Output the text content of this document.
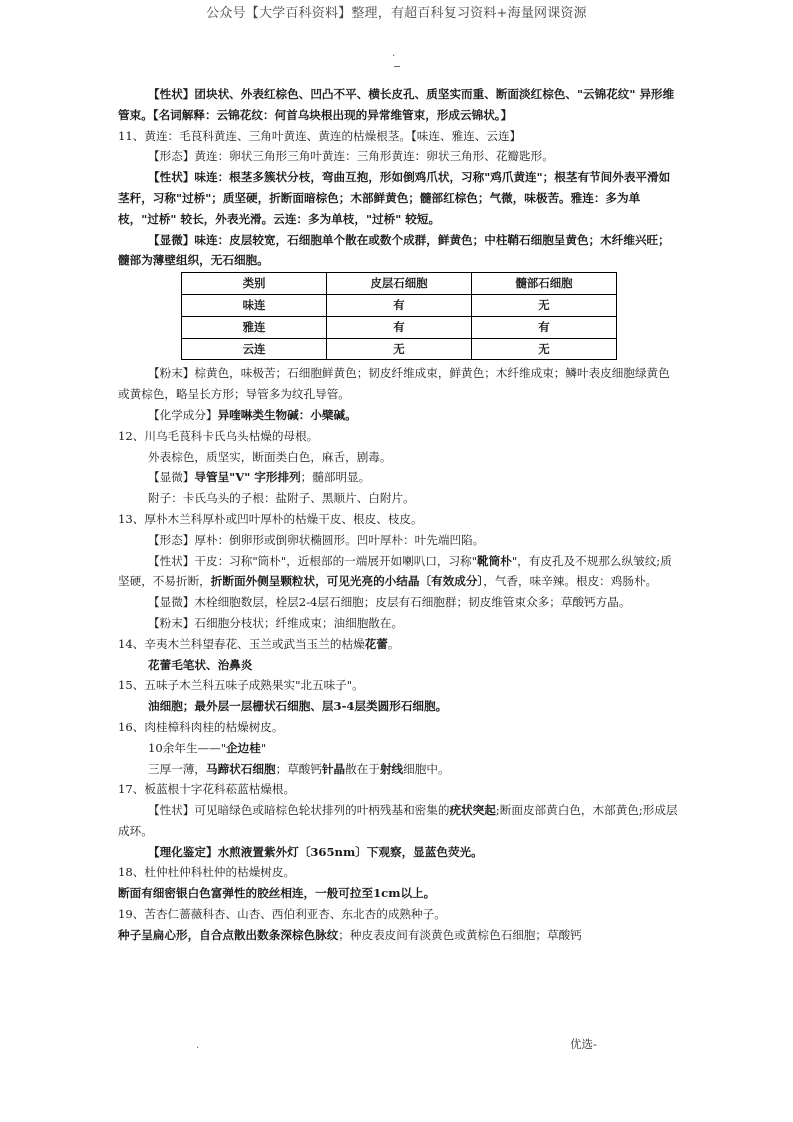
公众号【大学百科资料】整理，有超百科复习资料+海量网课资源
.

【性状】团块状、外表红棕色、凹凸不平、横长皮孔、质坚实而重、断面淡红棕色、"云锦花纹" 异形维管束。【名词解释：云锦花纹：何首乌块根出现的异常维管束，形成云锦状。】

11、黄连：毛茛科黄连、三角叶黄连、黄连的枯燥根茎。【味连、雅连、云连】

【形态】黄连：卵状三角形三角叶黄连：三角形黄连：卵状三角形、花瓣匙形。

【性状】味连：根茎多簇状分枝，弯曲互抱，形如倒鸡爪状，习称"鸡爪黄连"；根茎有节间外表平滑如茎秆，习称"过桥"；质坚硬，折断面暗棕色；木部鲜黄色；髓部红棕色；气微，味极苦。雅连：多为单枝，"过桥" 较长，外表光滑。云连：多为单枝，"过桥" 较短。

【显微】味连：皮层较宽，石细胞单个散在或数个成群，鲜黄色；中柱鞘石细胞呈黄色；木纤维兴旺；髓部为薄壁组织，无石细胞。

类别	皮层石细胞	髓部石细胞
味连	有	无
雅连	有	有
云连	无	无

【粉末】棕黄色，味极苦；石细胞鲜黄色；韧皮纤维成束，鲜黄色；木纤维成束；鳞叶表皮细胞绿黄色或黄棕色，略呈长方形；导管多为纹孔导管。

【化学成分】异喹啉类生物碱：小檗碱。

12、川乌毛茛科卡氏乌头枯燥的母根。

外表棕色，质坚实，断面类白色，麻舌，剧毒。

【显微】导管呈"V" 字形排列；髓部明显。

附子：卡氏乌头的子根：盐附子、黑顺片、白附片。

13、厚朴木兰科厚朴或凹叶厚朴的枯燥干皮、根皮、枝皮。

【形态】厚朴：倒卵形或倒卵状椭圆形。凹叶厚朴：叶先端凹陷。

【性状】干皮：习称"筒朴"，近根部的一端展开如喇叭口，习称"靴筒朴"，有皮孔及不规那么纵皱纹;质坚硬，不易折断，折断面外侧呈颗粒状，可见光亮的小结晶〔有效成分〕，气香，味辛辣。根皮：鸡肠朴。

【显微】木栓细胞数层，栓层2-4层石细胞；皮层有石细胞群；韧皮维管束众多；草酸钙方晶。

【粉末】石细胞分枝状；纤维成束；油细胞散在。

14、辛夷木兰科望春花、玉兰或武当玉兰的枯燥花蕾。

花蕾毛笔状、治鼻炎

15、五味子木兰科五味子成熟果实"北五味子"。

油细胞；最外层一层栅状石细胞、层3-4层类圆形石细胞。

16、肉桂樟科肉桂的枯燥树皮。

10余年生——"企边桂"

三厚一薄，马蹄状石细胞；草酸钙针晶散在于射线细胞中。

17、板蓝根十字花科菘蓝枯燥根。

【性状】可见暗绿色或暗棕色轮状排列的叶柄残基和密集的疣状突起;断面皮部黄白色，木部黄色;形成层成环。

【理化鉴定】水煎液置紫外灯〔365nm〕下观察，显蓝色荧光。

18、杜仲杜仲科杜仲的枯燥树皮。

断面有细密银白色富弹性的胶丝相连，一般可拉至1cm以上。

19、苦杏仁蔷薇科杏、山杏、西伯利亚杏、东北杏的成熟种子。

种子呈扁心形，自合点散出数条深棕色脉纹；种皮表皮间有淡黄色或黄棕色石细胞；草酸钙

.	优选-
